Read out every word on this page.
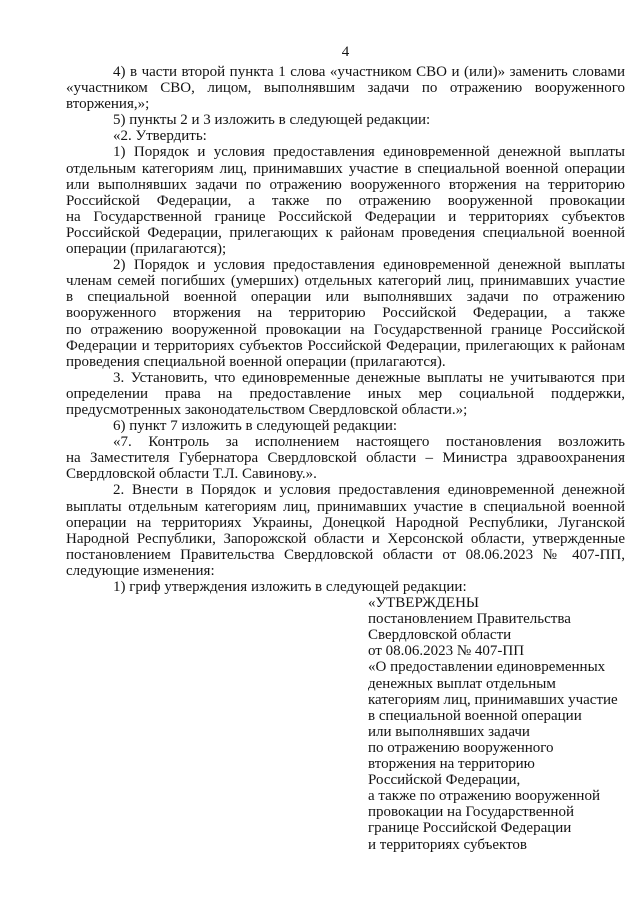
4
4) в части второй пункта 1 слова «участником СВО и (или)» заменить словами
«участником СВО, лицом, выполнявшим задачи по отражению вооруженного
вторжения,»;
5) пункты 2 и 3 изложить в следующей редакции:
«2. Утвердить:
1) Порядок и условия предоставления единовременной денежной выплаты
отдельным категориям лиц, принимавших участие в специальной военной операции
или выполнявших задачи по отражению вооруженного вторжения на территорию
Российской Федерации, а также по отражению вооруженной провокации
на Государственной границе Российской Федерации и территориях субъектов
Российской Федерации, прилегающих к районам проведения специальной военной
операции (прилагаются);
2) Порядок и условия предоставления единовременной денежной выплаты
членам семей погибших (умерших) отдельных категорий лиц, принимавших участие
в специальной военной операции или выполнявших задачи по отражению
вооруженного вторжения на территорию Российской Федерации, а также
по отражению вооруженной провокации на Государственной границе Российской
Федерации и территориях субъектов Российской Федерации, прилегающих к районам
проведения специальной военной операции (прилагаются).
3. Установить, что единовременные денежные выплаты не учитываются при
определении права на предоставление иных мер социальной поддержки,
предусмотренных законодательством Свердловской области.»;
6) пункт 7 изложить в следующей редакции:
«7. Контроль за исполнением настоящего постановления возложить
на Заместителя Губернатора Свердловской области – Министра здравоохранения
Свердловской области Т.Л. Савинову.».
2. Внести в Порядок и условия предоставления единовременной денежной
выплаты отдельным категориям лиц, принимавших участие в специальной военной
операции на территориях Украины, Донецкой Народной Республики, Луганской
Народной Республики, Запорожской области и Херсонской области, утвержденные
постановлением Правительства Свердловской области от 08.06.2023 № 407-ПП,
следующие изменения:
1) гриф утверждения изложить в следующей редакции:
«УТВЕРЖДЕНЫ
постановлением Правительства
Свердловской области
от 08.06.2023 № 407-ПП
«О предоставлении единовременных
денежных выплат отдельным
категориям лиц, принимавших участие
в специальной военной операции
или выполнявших задачи
по отражению вооруженного
вторжения на территорию
Российской Федерации,
а также по отражению вооруженной
провокации на Государственной
границе Российской Федерации
и территориях субъектов
